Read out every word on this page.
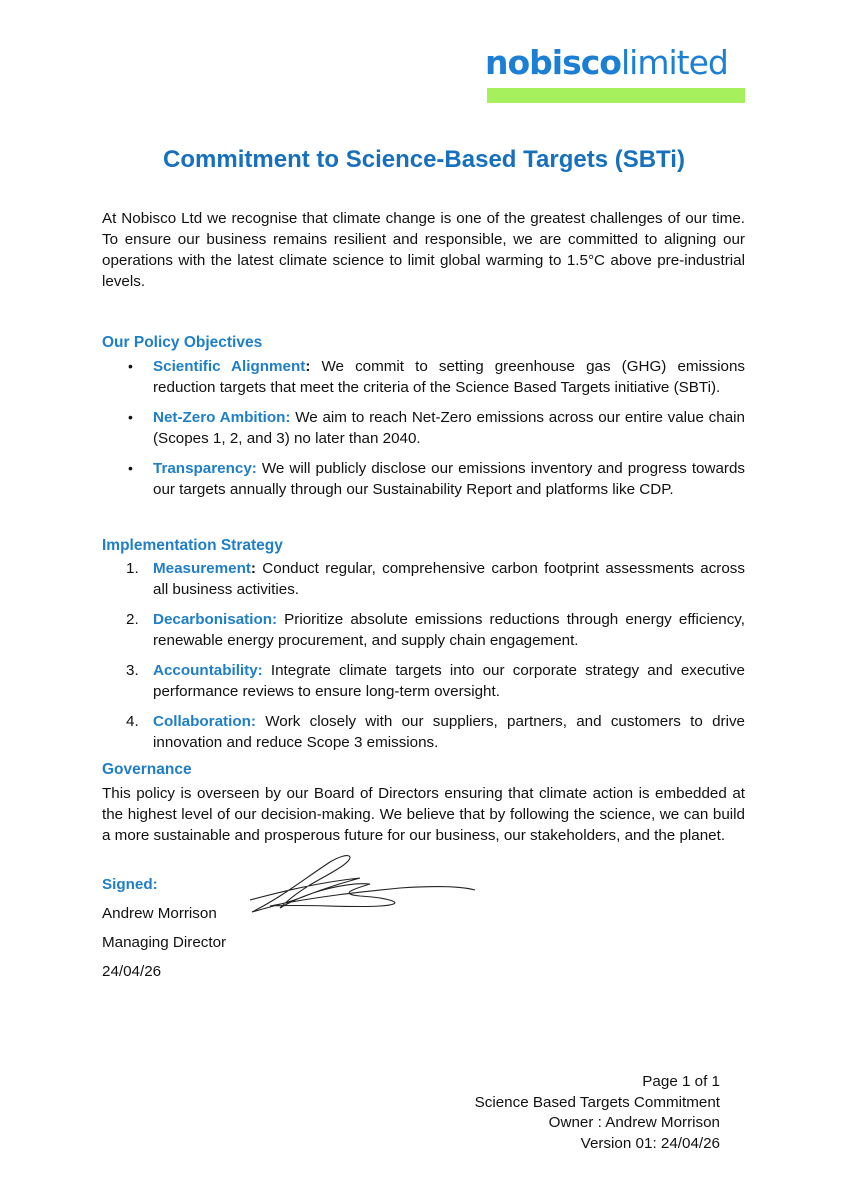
nobiscolimited
Commitment to Science-Based Targets (SBTi)
At Nobisco Ltd we recognise that climate change is one of the greatest challenges of our time. To ensure our business remains resilient and responsible, we are committed to aligning our operations with the latest climate science to limit global warming to 1.5°C above pre-industrial levels.
Our Policy Objectives
• Scientific Alignment: We commit to setting greenhouse gas (GHG) emissions reduction targets that meet the criteria of the Science Based Targets initiative (SBTi).
• Net-Zero Ambition: We aim to reach Net-Zero emissions across our entire value chain (Scopes 1, 2, and 3) no later than 2040.
• Transparency: We will publicly disclose our emissions inventory and progress towards our targets annually through our Sustainability Report and platforms like CDP.
Implementation Strategy
1. Measurement: Conduct regular, comprehensive carbon footprint assessments across all business activities.
2. Decarbonisation: Prioritize absolute emissions reductions through energy efficiency, renewable energy procurement, and supply chain engagement.
3. Accountability: Integrate climate targets into our corporate strategy and executive performance reviews to ensure long-term oversight.
4. Collaboration: Work closely with our suppliers, partners, and customers to drive innovation and reduce Scope 3 emissions.
Governance
This policy is overseen by our Board of Directors ensuring that climate action is embedded at the highest level of our decision-making. We believe that by following the science, we can build a more sustainable and prosperous future for our business, our stakeholders, and the planet.
Signed:
Andrew Morrison
Managing Director
24/04/26
Page 1 of 1
Science Based Targets Commitment
Owner : Andrew Morrison
Version 01: 24/04/26
